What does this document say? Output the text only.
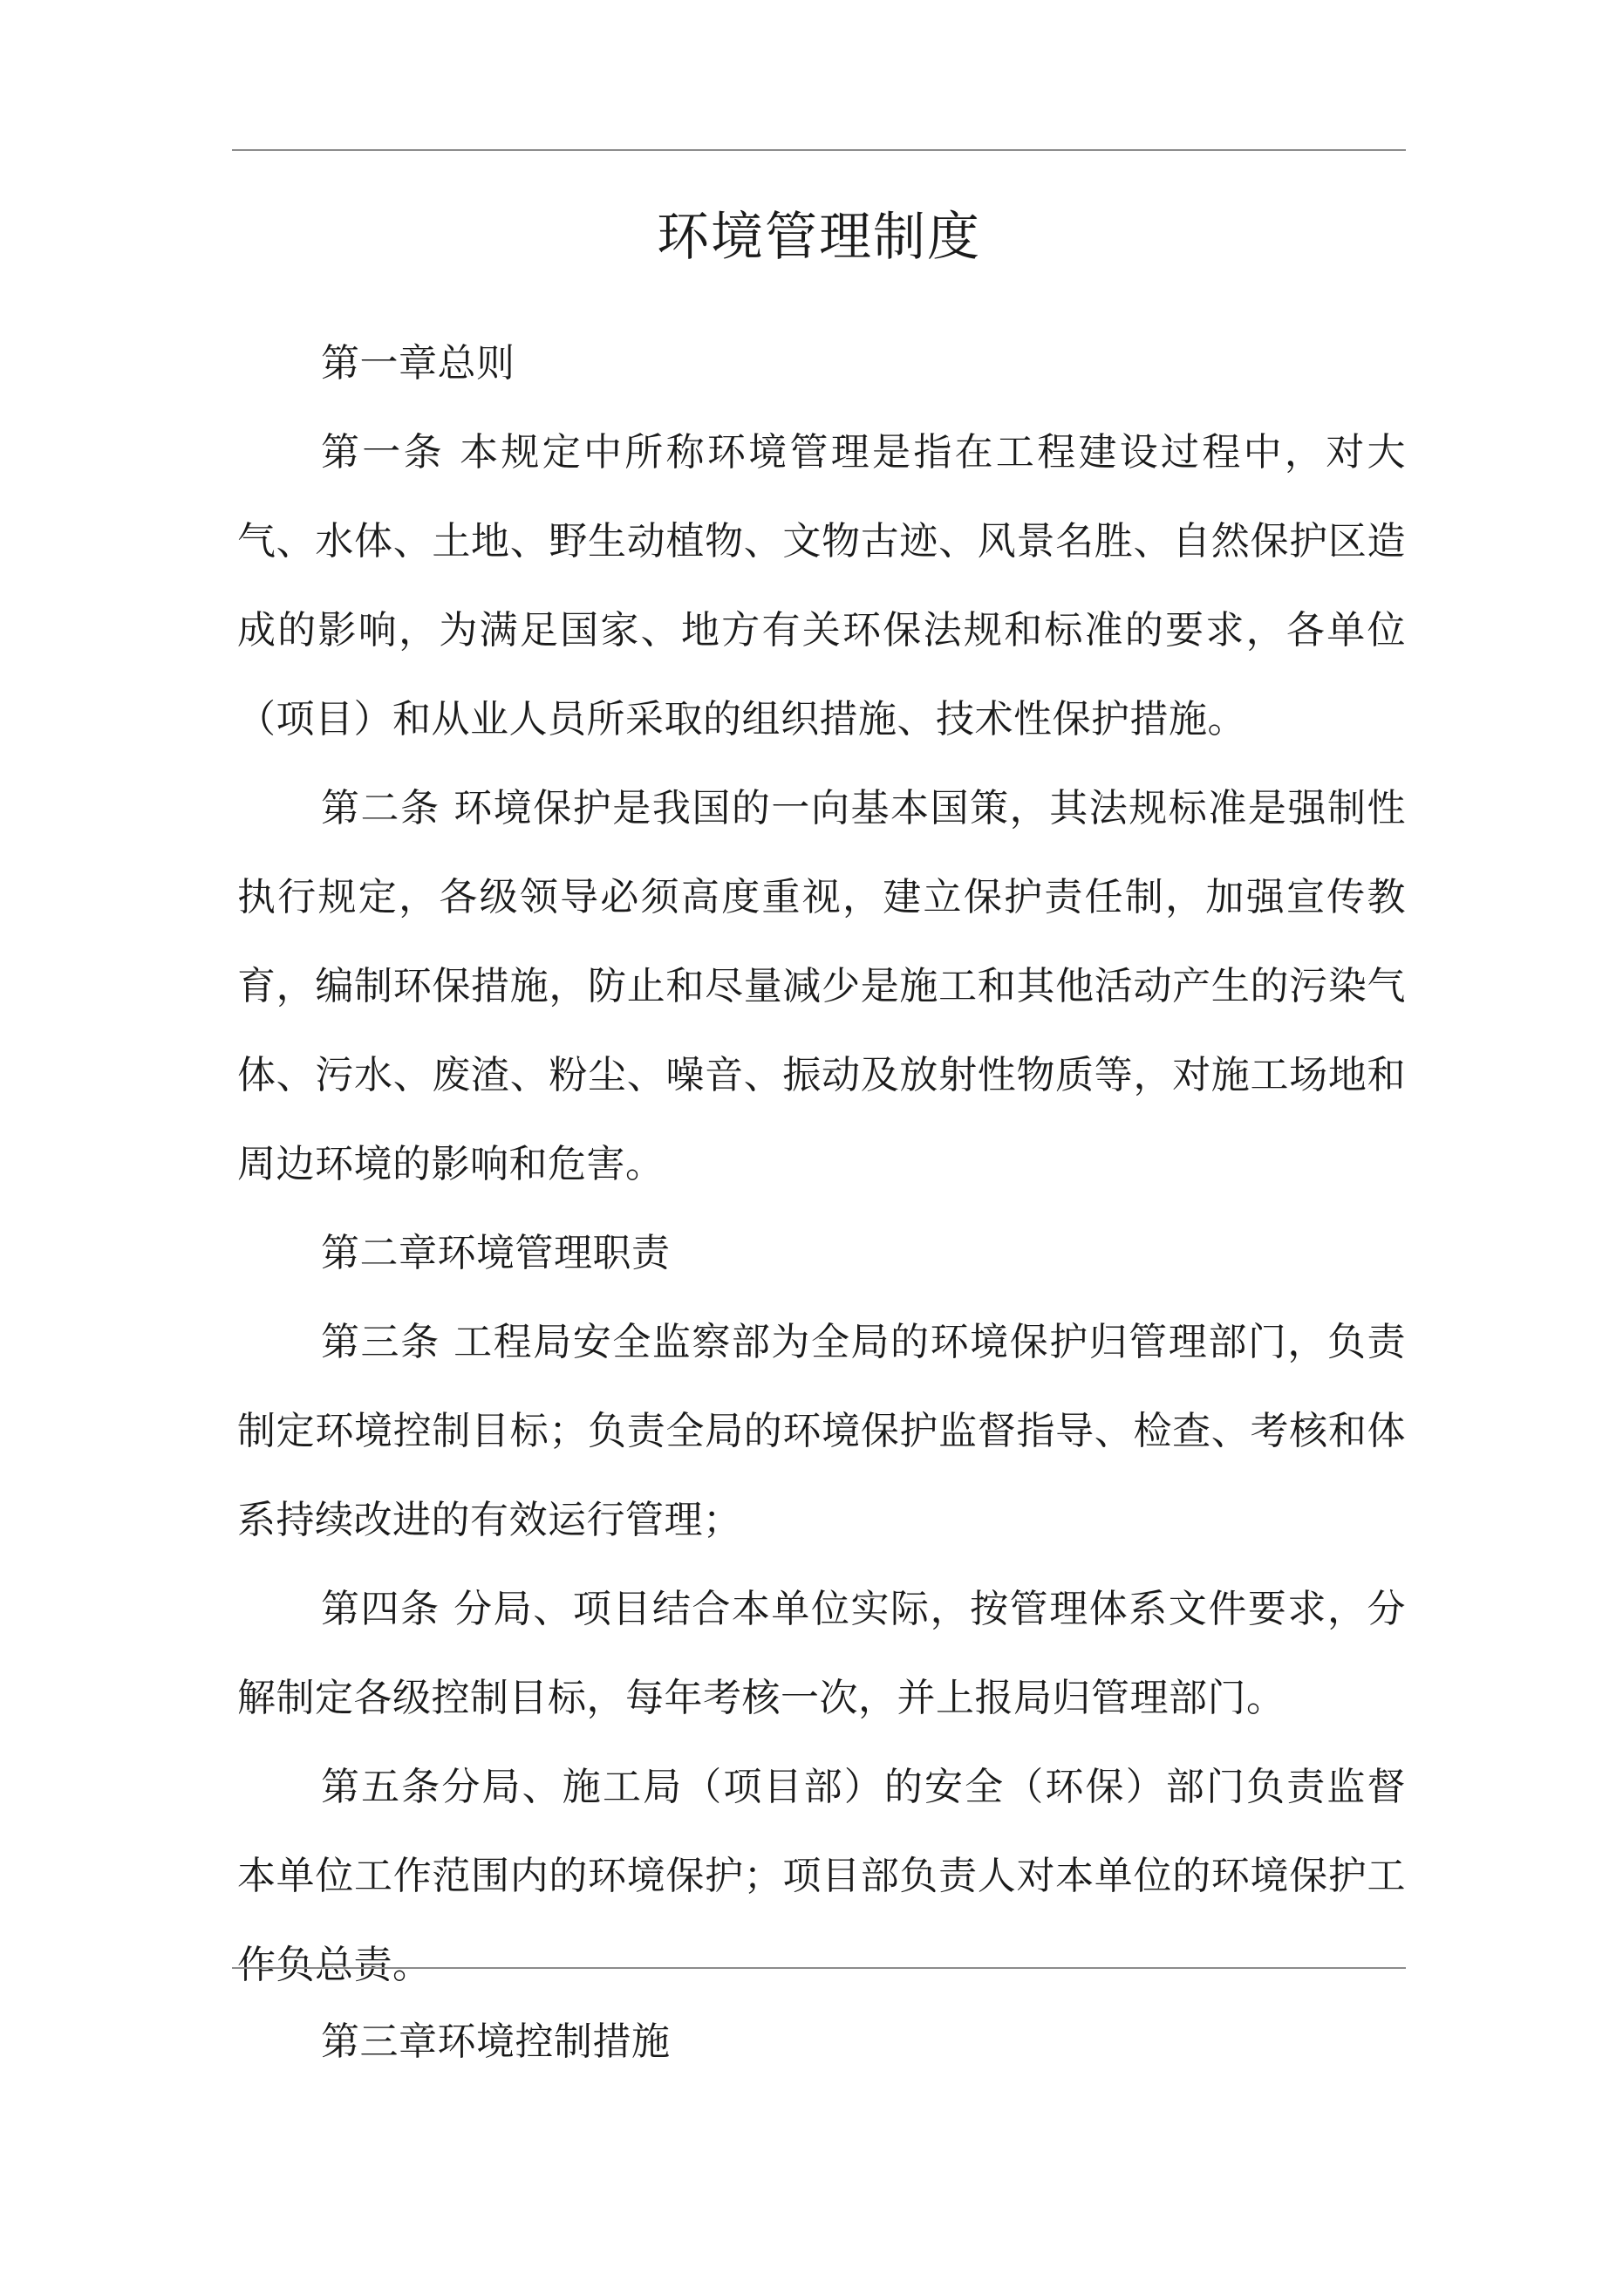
环境管理制度

第一章总则

第一条 本规定中所称环境管理是指在工程建设过程中，对大气、水体、土地、野生动植物、文物古迹、风景名胜、自然保护区造成的影响，为满足国家、地方有关环保法规和标准的要求，各单位（项目）和从业人员所采取的组织措施、技术性保护措施。

第二条 环境保护是我国的一向基本国策，其法规标准是强制性执行规定，各级领导必须高度重视，建立保护责任制，加强宣传教育，编制环保措施，防止和尽量减少是施工和其他活动产生的污染气体、污水、废渣、粉尘、噪音、振动及放射性物质等，对施工场地和周边环境的影响和危害。

第二章环境管理职责

第三条 工程局安全监察部为全局的环境保护归管理部门，负责制定环境控制目标；负责全局的环境保护监督指导、检查、考核和体系持续改进的有效运行管理；

第四条 分局、项目结合本单位实际，按管理体系文件要求，分解制定各级控制目标，每年考核一次，并上报局归管理部门。

第五条分局、施工局（项目部）的安全（环保）部门负责监督本单位工作范围内的环境保护；项目部负责人对本单位的环境保护工作负总责。

第三章环境控制措施
